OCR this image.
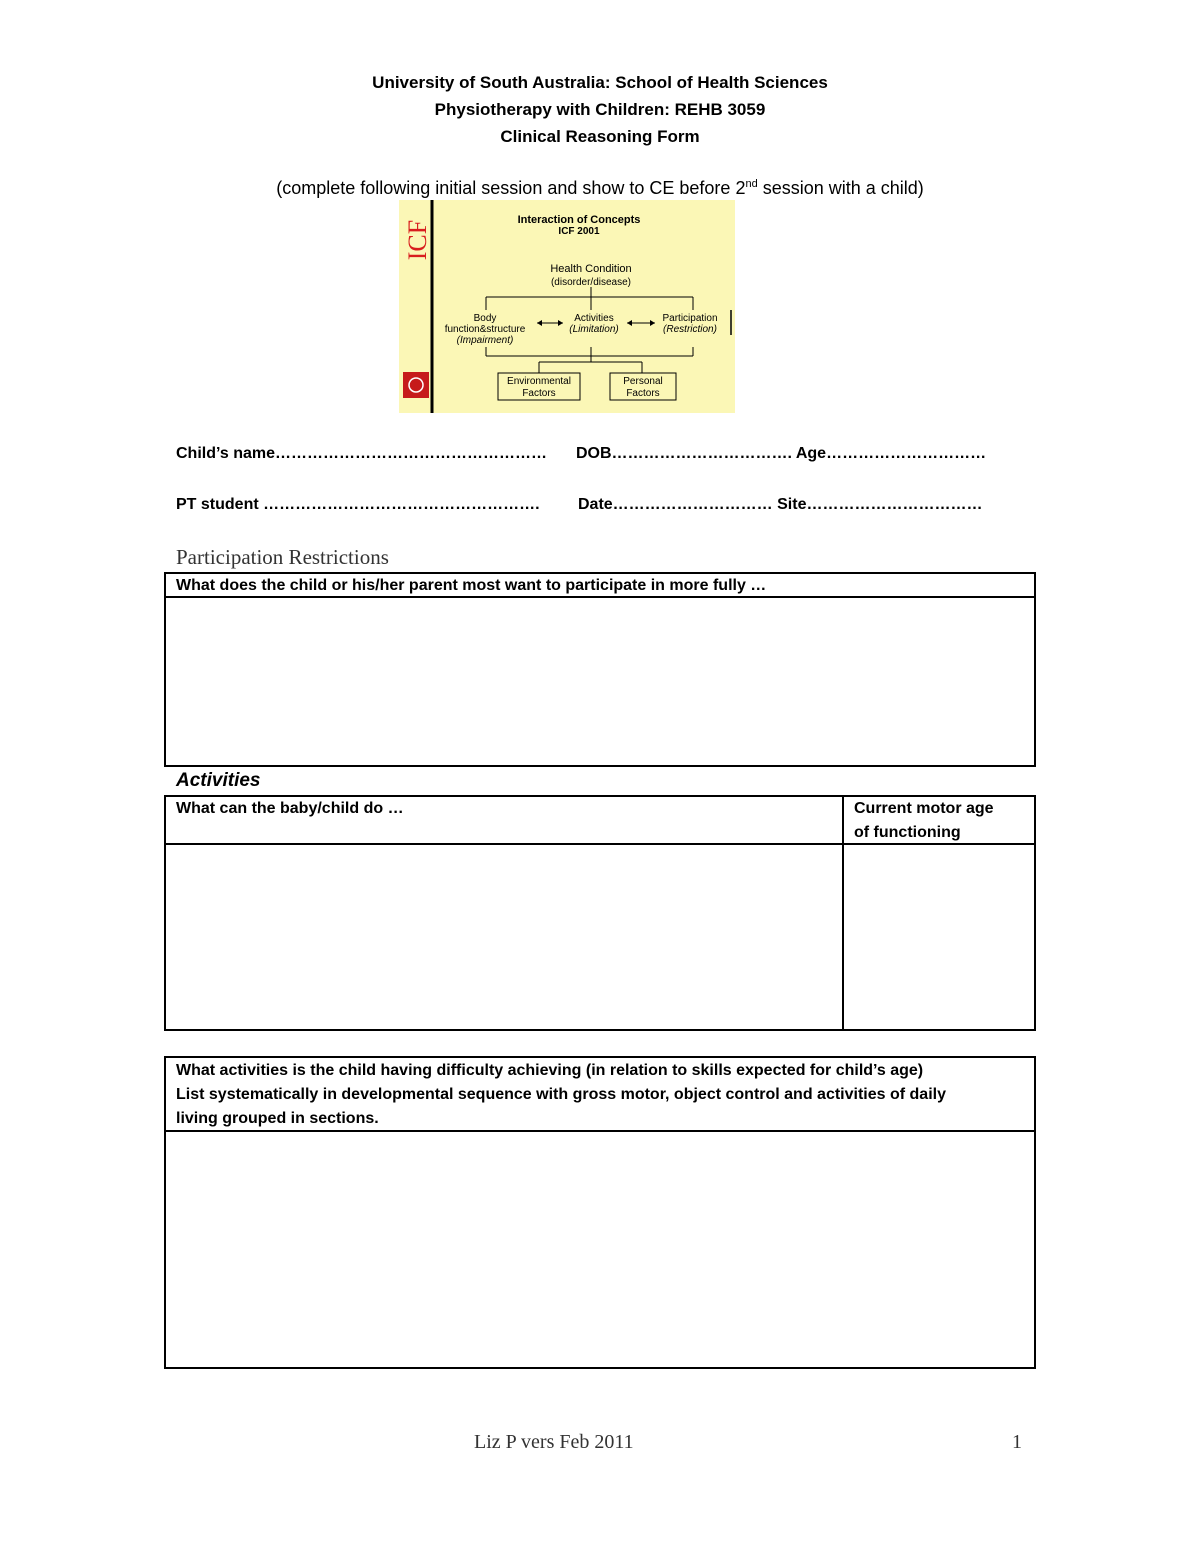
University of South Australia: School of Health Sciences
Physiotherapy with Children: REHB 3059
Clinical Reasoning Form
(complete following initial session and show to CE before 2nd session with a child)
ICF	Interaction of Concepts
ICF 2001
Health Condition
(disorder/disease)
Body
function&structure
(Impairment)
Activities
(Limitation)
Participation
(Restriction)
Environmental
Factors
Personal
Factors
Child’s name…………………………………………… DOB……………………………. Age…………………………
PT student ……………………………………………. Date………………………… Site……………………………
Participation Restrictions
What does the child or his/her parent most want to participate in more fully …
Activities
What can the baby/child do …	Current motor age
of functioning
What activities is the child having difficulty achieving (in relation to skills expected for child’s age)
List systematically in developmental sequence with gross motor, object control and activities of daily
living grouped in sections.
Liz P vers Feb 2011	1
